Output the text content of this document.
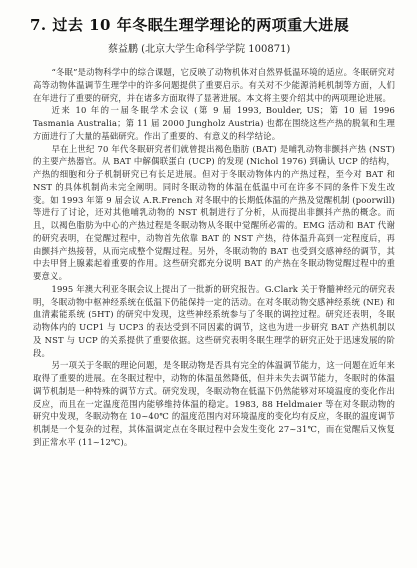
7. 过去 10 年冬眠生理学理论的两项重大进展
蔡益鹏 (北京大学生命科学学院 100871)

“冬眠”是动物科学中的综合课题，它反映了动物机体对自然界低温环境的适应。冬眠研究对高等动物体温调节生理学中的许多问题提供了重要启示。有关对不少能源消耗机制等方面，人们在年进行了重要的研究，并在诸多方面取得了显著进展。本文将主要介绍其中的两项理论进展。

近来 10 年的一届冬眠学术会议 (第 9 届 1993, Boulder, US；第 10 届 1996 Tasmania Australia；第 11 届 2000 Jungholz Austria) 也都在围绕这些产热的脱氧和生理方面进行了大量的基础研究。作出了重要的、有意义的科学结论。

早在上世纪 70 年代冬眠研究者们就曾提出褐色脂肪 (BAT) 是哺乳动物非颤抖产热 (NST) 的主要产热器官。从 BAT 中解偶联蛋白 (UCP) 的发现 (Nichol 1976) 到确认 UCP 的结构，产热的细胞和分子机制研究已有长足进展。但对于冬眠动物体内的产热过程，至今对 BAT 和 NST 的具体机制尚未完全阐明。同时冬眠动物的体温在低温中可在许多不同的条件下发生改变。如 1993 年第 9 届会议 A.R.French 对冬眠中的长期低体温的产热及觉醒机制 (poorwill) 等进行了讨论，还对其他哺乳动物的 NST 机制进行了分析，从而提出非颤抖产热的概念。而且，以褐色脂肪为中心的产热过程是冬眠动物从冬眠中觉醒所必需的。EMG 活动和 BAT 代谢的研究表明，在觉醒过程中，动物首先依靠 BAT 的 NST 产热，待体温升高到一定程度后，再由颤抖产热接替，从而完成整个觉醒过程。另外，冬眠动物的 BAT 也受到交感神经的调节，其中去甲肾上腺素起着重要的作用。这些研究都充分说明 BAT 的产热在冬眠动物觉醒过程中的重要意义。

1995 年澳大利亚冬眠会议上提出了一批新的研究报告。G.Clark 关于脊髓神经元的研究表明，冬眠动物中枢神经系统在低温下仍能保持一定的活动。在对冬眠动物交感神经系统 (NE) 和血清素能系统 (5HT) 的研究中发现，这些神经系统参与了冬眠的调控过程。研究还表明，冬眠动物体内的 UCP1 与 UCP3 的表达受到不同因素的调节，这也为进一步研究 BAT 产热机制以及 NST 与 UCP 的关系提供了重要依据。这些研究表明冬眠生理学的研究正处于迅速发展的阶段。

另一项关于冬眠的理论问题，是冬眠动物是否具有完全的体温调节能力，这一问题在近年来取得了重要的进展。在冬眠过程中，动物的体温虽然降低，但并未失去调节能力，冬眠时的体温调节机制是一种特殊的调节方式。研究发现，冬眠动物在低温下仍然能够对环境温度的变化作出反应，而且在一定温度范围内能够维持体温的稳定。1983, 88 Heldmaier 等在对冬眠动物的研究中发现，冬眠动物在 10~40℃ 的温度范围内对环境温度的变化均有反应，冬眠的温度调节机制是一个复杂的过程，其体温调定点在冬眠过程中会发生变化 27~31℃，而在觉醒后又恢复到正常水平 (11~12℃)。
